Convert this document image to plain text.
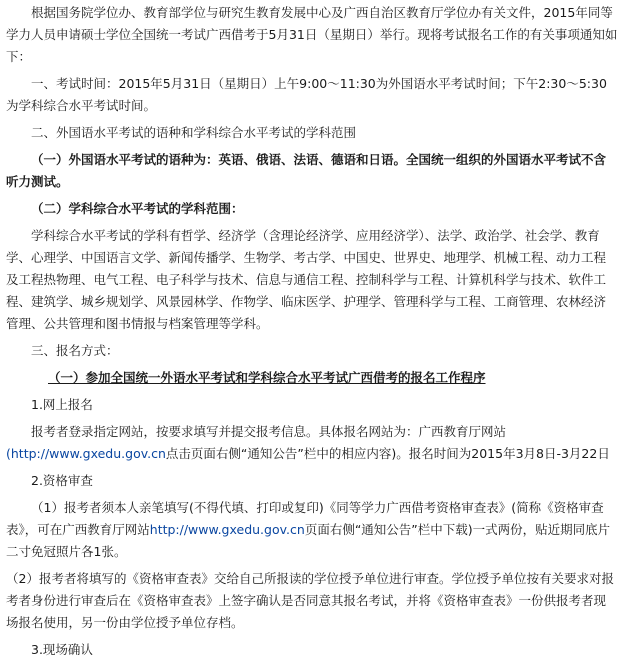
根据国务院学位办、教育部学位与研究生教育发展中心及广西自治区教育厅学位办有关文件，2015年同等学力人员申请硕士学位全国统一考试广西借考于5月31日（星期日）举行。现将考试报名工作的有关事项通知如下：

一、考试时间：2015年5月31日（星期日）上午9:00～11:30为外国语水平考试时间；下午2:30～5:30为学科综合水平考试时间。

二、外国语水平考试的语种和学科综合水平考试的学科范围

（一）外国语水平考试的语种为：英语、俄语、法语、德语和日语。全国统一组织的外国语水平考试不含听力测试。

（二）学科综合水平考试的学科范围：

学科综合水平考试的学科有哲学、经济学（含理论经济学、应用经济学）、法学、政治学、社会学、教育学、心理学、中国语言文学、新闻传播学、生物学、考古学、中国史、世界史、地理学、机械工程、动力工程及工程热物理、电气工程、电子科学与技术、信息与通信工程、控制科学与工程、计算机科学与技术、软件工程、建筑学、城乡规划学、风景园林学、作物学、临床医学、护理学、管理科学与工程、工商管理、农林经济管理、公共管理和图书情报与档案管理等学科。

三、报名方式：

（一）参加全国统一外语水平考试和学科综合水平考试广西借考的报名工作程序

1.网上报名

报考者登录指定网站，按要求填写并提交报考信息。具体报名网站为：广西教育厅网站
(http://www.gxedu.gov.cn点击页面右侧“通知公告”栏中的相应内容)。报名时间为2015年3月8日-3月22日

2.资格审查

（1）报考者须本人亲笔填写(不得代填、打印或复印)《同等学力广西借考资格审查表》(简称《资格审查表》，可在广西教育厅网站http://www.gxedu.gov.cn页面右侧“通知公告”栏中下载)一式两份，贴近期同底片二寸免冠照片各1张。

（2）报考者将填写的《资格审查表》交给自己所报读的学位授予单位进行审查。学位授予单位按有关要求对报考者身份进行审查后在《资格审查表》上签字确认是否同意其报名考试，并将《资格审查表》一份供报考者现场报名使用，另一份由学位授予单位存档。

3.现场确认
